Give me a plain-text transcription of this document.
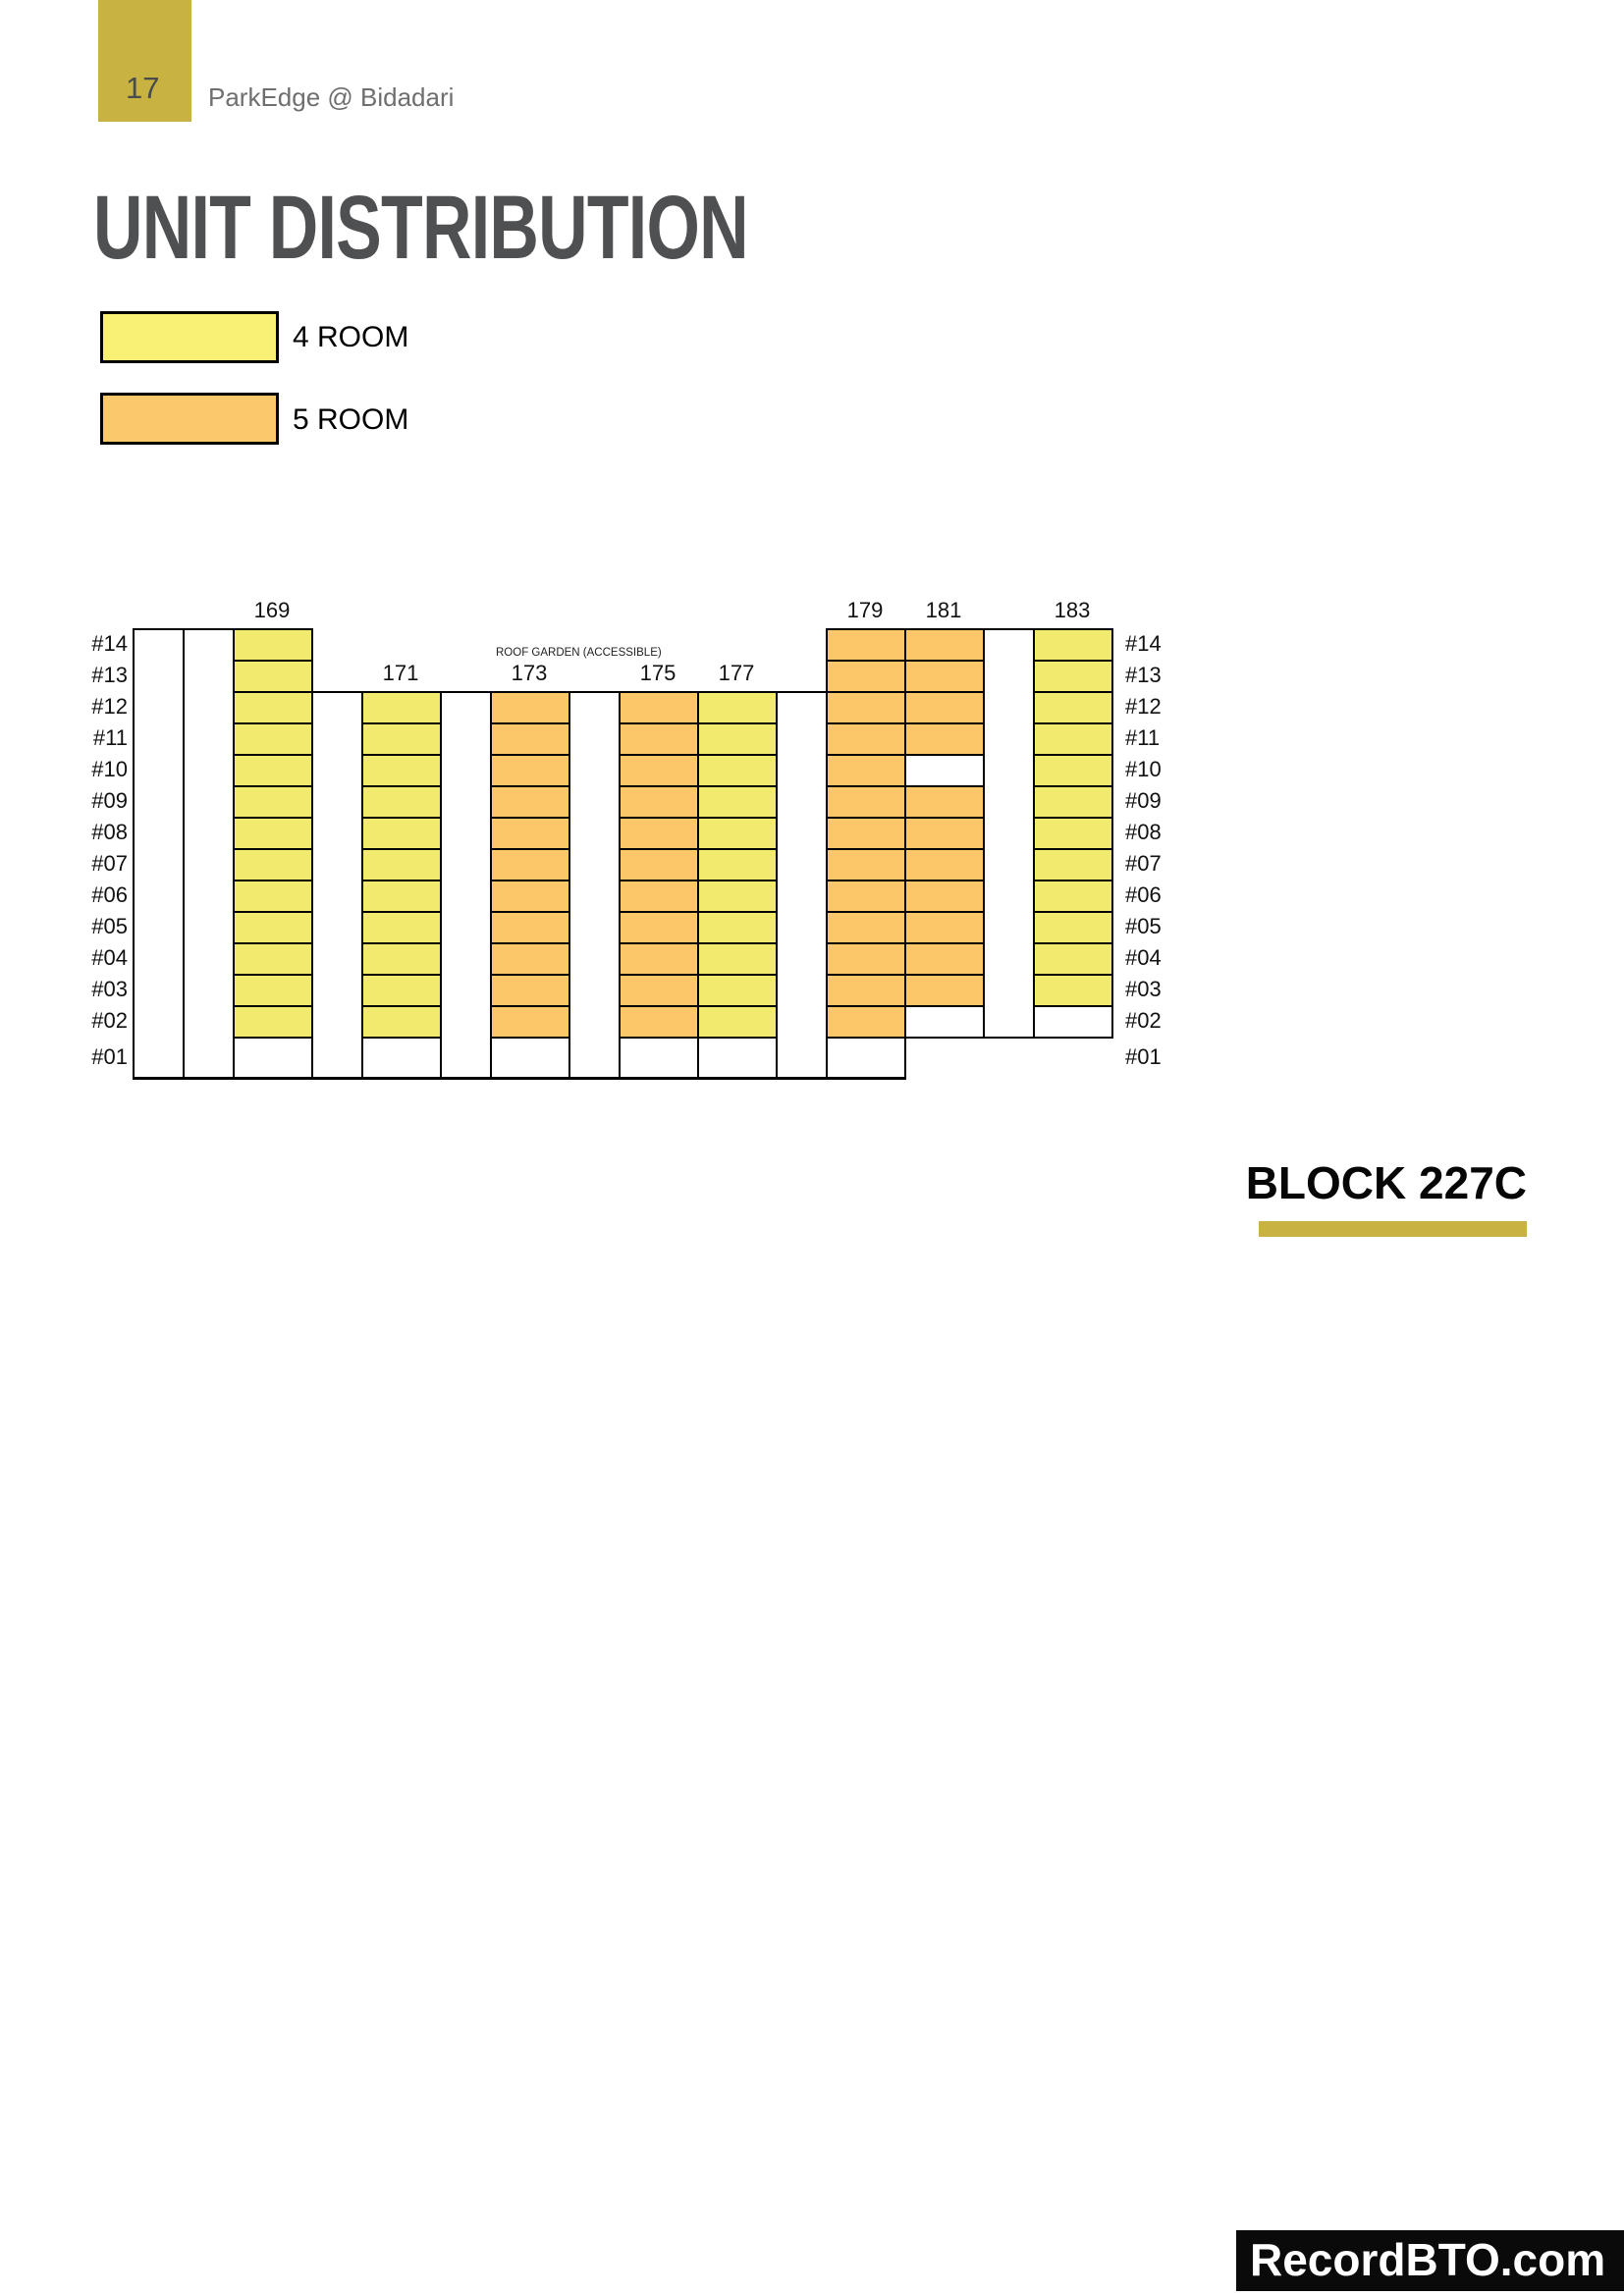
17 ParkEdge @ Bidadari
UNIT DISTRIBUTION
4 ROOM
5 ROOM
ROOF GARDEN (ACCESSIBLE)
#14	#14
#13	#13
#12	#12
#11	#11
#10	#10
#09	#09
#08	#08
#07	#07
#06	#06
#05	#05
#04	#04
#03	#03
#02	#02
#01	#01
169
171	173	175	177
179	181	183
BLOCK 227C
RecordBTO.com
